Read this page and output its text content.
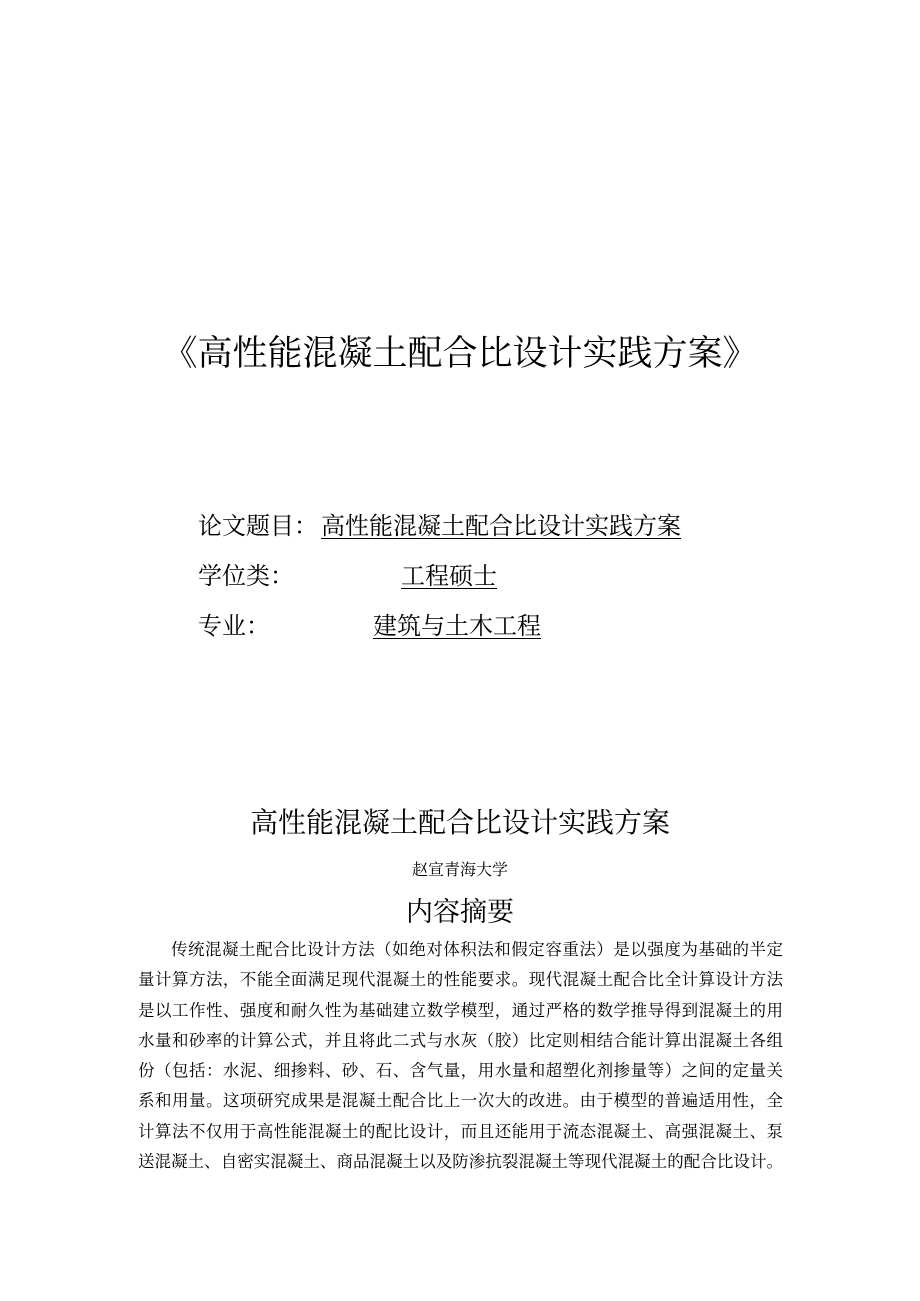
《高性能混凝土配合比设计实践方案》
论文题目： 高性能混凝土配合比设计实践方案
学位类：	工程硕士
专业：	建筑与土木工程
高性能混凝土配合比设计实践方案
赵宣青海大学
内容摘要
传统混凝土配合比设计方法（如绝对体积法和假定容重法）是以强度为基础的半定
量计算方法，不能全面满足现代混凝土的性能要求。现代混凝土配合比全计算设计方法
是以工作性、强度和耐久性为基础建立数学模型，通过严格的数学推导得到混凝土的用
水量和砂率的计算公式，并且将此二式与水灰（胶）比定则相结合能计算出混凝土各组
份（包括：水泥、细掺料、砂、石、含气量，用水量和超塑化剂掺量等）之间的定量关
系和用量。这项研究成果是混凝土配合比上一次大的改进。由于模型的普遍适用性，全
计算法不仅用于高性能混凝土的配比设计，而且还能用于流态混凝土、高强混凝土、泵
送混凝土、自密实混凝土、商品混凝土以及防渗抗裂混凝土等现代混凝土的配合比设计。
